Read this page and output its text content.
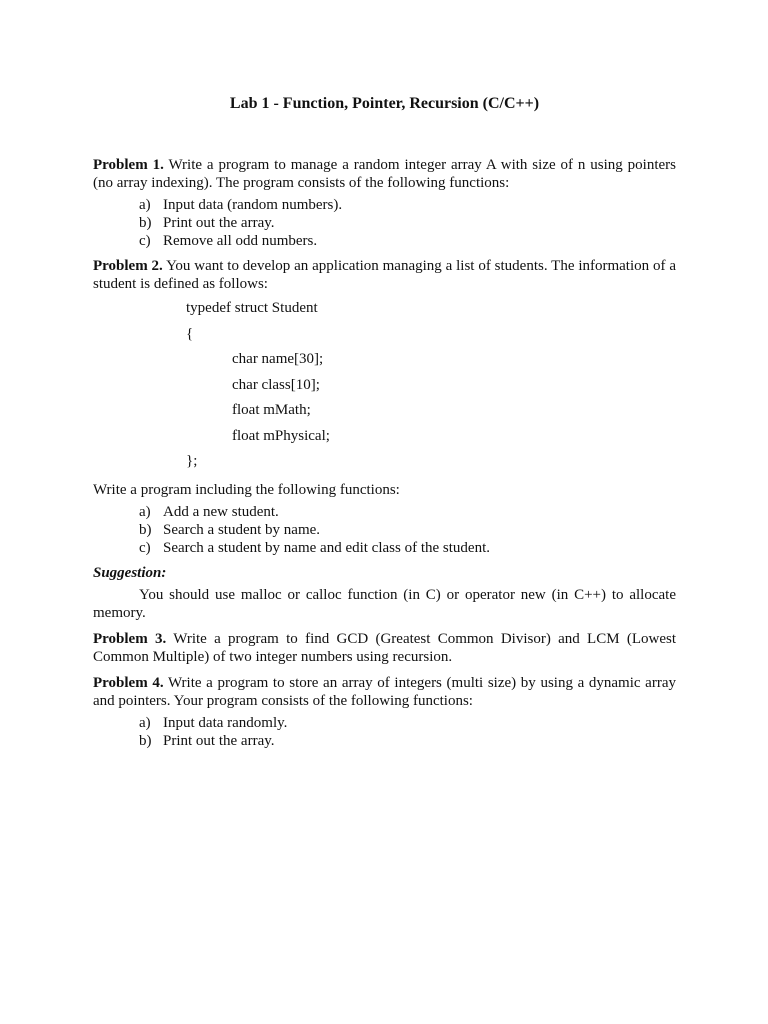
Lab 1 - Function, Pointer, Recursion (C/C++)

Problem 1. Write a program to manage a random integer array A with size of n using pointers (no array indexing). The program consists of the following functions:

a) Input data (random numbers).
b) Print out the array.
c) Remove all odd numbers.

Problem 2. You want to develop an application managing a list of students. The information of a student is defined as follows:

typedef struct Student
{
char name[30];
char class[10];
float mMath;
float mPhysical;
};

Write a program including the following functions:

a) Add a new student.
b) Search a student by name.
c) Search a student by name and edit class of the student.
Suggestion:

You should use malloc or calloc function (in C) or operator new (in C++) to allocate memory.

Problem 3. Write a program to find GCD (Greatest Common Divisor) and LCM (Lowest Common Multiple) of two integer numbers using recursion.

Problem 4. Write a program to store an array of integers (multi size) by using a dynamic array and pointers. Your program consists of the following functions:

a) Input data randomly.
b) Print out the array.
